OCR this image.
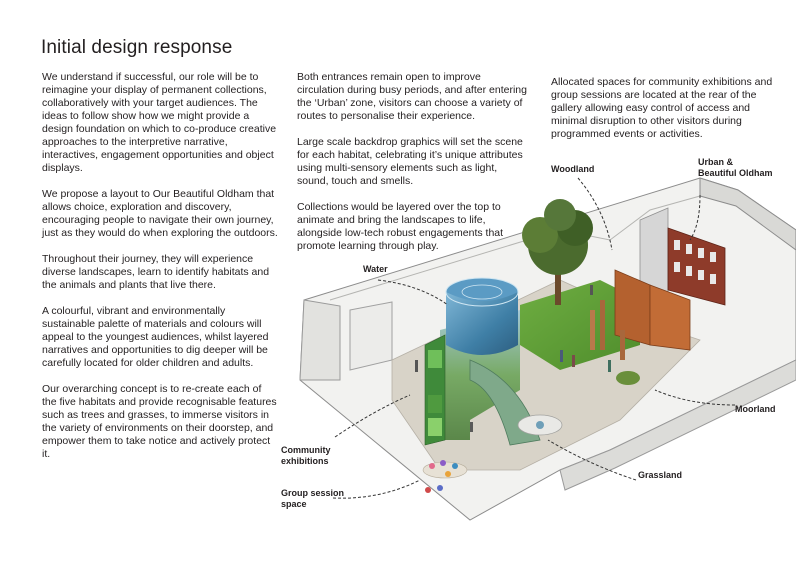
Initial design response

We understand if successful, our role will be to reimagine your display of permanent collections, collaboratively with your target audiences. The ideas to follow show how we might provide a design foundation on which to co-produce creative approaches to the interpretive narrative, interactives, engagement opportunities and object displays.

We propose a layout to Our Beautiful Oldham that allows choice, exploration and discovery, encouraging people to navigate their own journey, just as they would do when exploring the outdoors.

Throughout their journey, they will experience diverse landscapes, learn to identify habitats and the animals and plants that live there.

A colourful, vibrant and environmentally sustainable palette of materials and colours will appeal to the youngest audiences, whilst layered narratives and opportunities to dig deeper will be carefully located for older children and adults.

Our overarching concept is to re-create each of the five habitats and provide recognisable features such as trees and grasses, to immerse visitors in the variety of environments on their doorstep, and empower them to take notice and actively protect it.

Both entrances remain open to improve circulation during busy periods, and after entering the ‘Urban’ zone, visitors can choose a variety of routes to personalise their experience.

Large scale backdrop graphics will set the scene for each habitat, celebrating it’s unique attributes using multi-sensory elements such as light, sound, touch and smells.

Collections would be layered over the top to animate and bring the landscapes to life, alongside low-tech robust engagements that promote learning through play.

Allocated spaces for community exhibitions and group sessions are located at the rear of the gallery allowing easy control of access and minimal disruption to other visitors during programmed events or activities.

Woodland
Urban &
Beautiful Oldham
Water
Moorland
Community
exhibitions
Grassland
Group session
space
